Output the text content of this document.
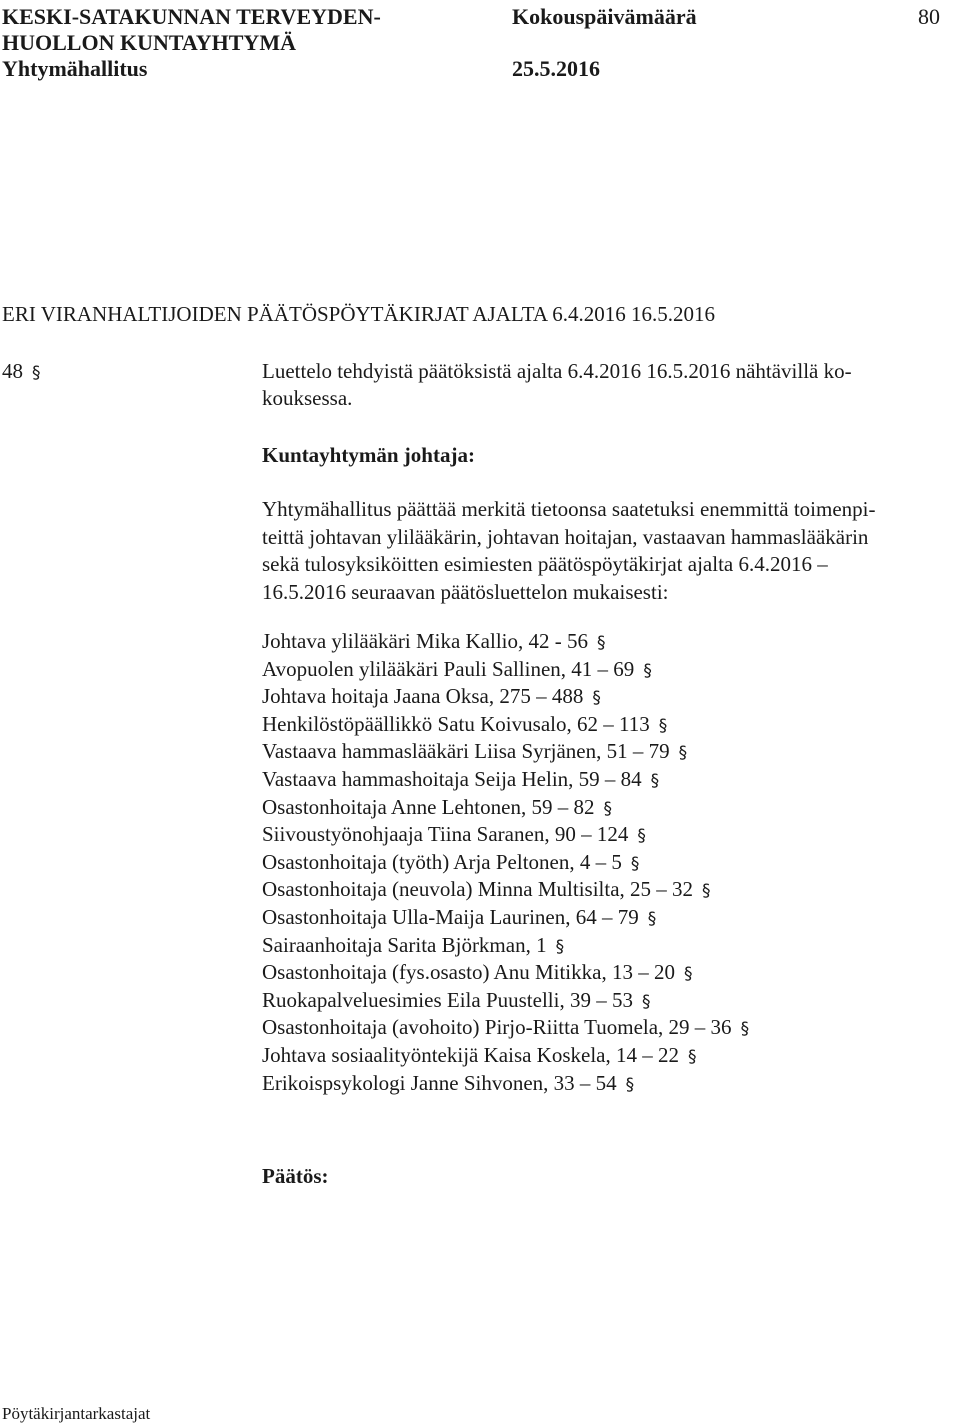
KESKI-SATAKUNNAN TERVEYDEN-
HUOLLON KUNTAYHTYMÄ
Yhtymähallitus
Kokouspäivämäärä
25.5.2016
80
ERI VIRANHALTIJOIDEN PÄÄTÖSPÖYTÄKIRJAT AJALTA 6.4.2016 16.5.2016
48 §	Luettelo tehdyistä päätöksistä ajalta 6.4.2016 16.5.2016 nähtävillä ko-
kouksessa.
Kuntayhtymän johtaja:
Yhtymähallitus päättää merkitä tietoonsa saatetuksi enemmittä toimenpi-
teittä johtavan ylilääkärin, johtavan hoitajan, vastaavan hammaslääkärin
sekä tulosyksiköitten esimiesten päätöspöytäkirjat ajalta 6.4.2016 –
16.5.2016 seuraavan päätösluettelon mukaisesti:
Johtava ylilääkäri Mika Kallio, 42 - 56 §
Avopuolen ylilääkäri Pauli Sallinen, 41 – 69 §
Johtava hoitaja Jaana Oksa, 275 – 488 §
Henkilöstöpäällikkö Satu Koivusalo, 62 – 113 §
Vastaava hammaslääkäri Liisa Syrjänen, 51 – 79 §
Vastaava hammashoitaja Seija Helin, 59 – 84 §
Osastonhoitaja Anne Lehtonen, 59 – 82 §
Siivoustyönohjaaja Tiina Saranen, 90 – 124 §
Osastonhoitaja (työth) Arja Peltonen, 4 – 5 §
Osastonhoitaja (neuvola) Minna Multisilta, 25 – 32 §
Osastonhoitaja Ulla-Maija Laurinen, 64 – 79 §
Sairaanhoitaja Sarita Björkman, 1 §
Osastonhoitaja (fys.osasto) Anu Mitikka, 13 – 20 §
Ruokapalveluesimies Eila Puustelli, 39 – 53 §
Osastonhoitaja (avohoito) Pirjo-Riitta Tuomela, 29 – 36 §
Johtava sosiaalityöntekijä Kaisa Koskela, 14 – 22 §
Erikoispsykologi Janne Sihvonen, 33 – 54 §
Päätös:
Pöytäkirjantarkastajat
